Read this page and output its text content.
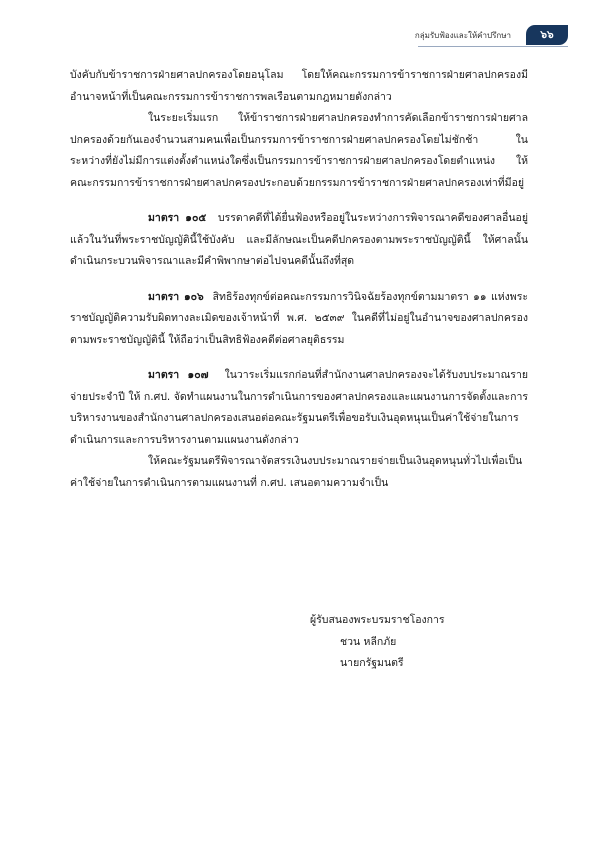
กลุ่มรับฟ้องและให้คำปรึกษา	๖๖

บังคับกับข้าราชการฝ่ายศาลปกครองโดยอนุโลม โดยให้คณะกรรมการข้าราชการฝ่ายศาลปกครองมีอำนาจหน้าที่เป็นคณะกรรมการข้าราชการพลเรือนตามกฎหมายดังกล่าว

ในระยะเริ่มแรก ให้ข้าราชการฝ่ายศาลปกครองทำการคัดเลือกข้าราชการฝ่ายศาลปกครองด้วยกันเองจำนวนสามคนเพื่อเป็นกรรมการข้าราชการฝ่ายศาลปกครองโดยไม่ชักช้า ในระหว่างที่ยังไม่มีการแต่งตั้งตำแหน่งใดซึ่งเป็นกรรมการข้าราชการฝ่ายศาลปกครองโดยตำแหน่ง ให้คณะกรรมการข้าราชการฝ่ายศาลปกครองประกอบด้วยกรรมการข้าราชการฝ่ายศาลปกครองเท่าที่มีอยู่

มาตรา ๑๐๕ บรรดาคดีที่ได้ยื่นฟ้องหรืออยู่ในระหว่างการพิจารณาคดีของศาลอื่นอยู่แล้วในวันที่พระราชบัญญัตินี้ใช้บังคับ และมีลักษณะเป็นคดีปกครองตามพระราชบัญญัตินี้ ให้ศาลนั้นดำเนินกระบวนพิจารณาและมีคำพิพากษาต่อไปจนคดีนั้นถึงที่สุด

มาตรา ๑๐๖ สิทธิร้องทุกข์ต่อคณะกรรมการวินิจฉัยร้องทุกข์ตามมาตรา ๑๑ แห่งพระราชบัญญัติความรับผิดทางละเมิดของเจ้าหน้าที่ พ.ศ. ๒๕๓๙ ในคดีที่ไม่อยู่ในอำนาจของศาลปกครองตามพระราชบัญญัตินี้ ให้ถือว่าเป็นสิทธิฟ้องคดีต่อศาลยุติธรรม

มาตรา ๑๐๗ ในวาระเริ่มแรกก่อนที่สำนักงานศาลปกครองจะได้รับงบประมาณรายจ่ายประจำปี ให้ ก.ศป. จัดทำแผนงานในการดำเนินการของศาลปกครองและแผนงานการจัดตั้งและการบริหารงานของสำนักงานศาลปกครองเสนอต่อคณะรัฐมนตรีเพื่อขอรับเงินอุดหนุนเป็นค่าใช้จ่ายในการดำเนินการและการบริหารงานตามแผนงานดังกล่าว

ให้คณะรัฐมนตรีพิจารณาจัดสรรเงินงบประมาณรายจ่ายเป็นเงินอุดหนุนทั่วไปเพื่อเป็นค่าใช้จ่ายในการดำเนินการตามแผนงานที่ ก.ศป. เสนอตามความจำเป็น

ผู้รับสนองพระบรมราชโองการ
ชวน หลีกภัย
นายกรัฐมนตรี
